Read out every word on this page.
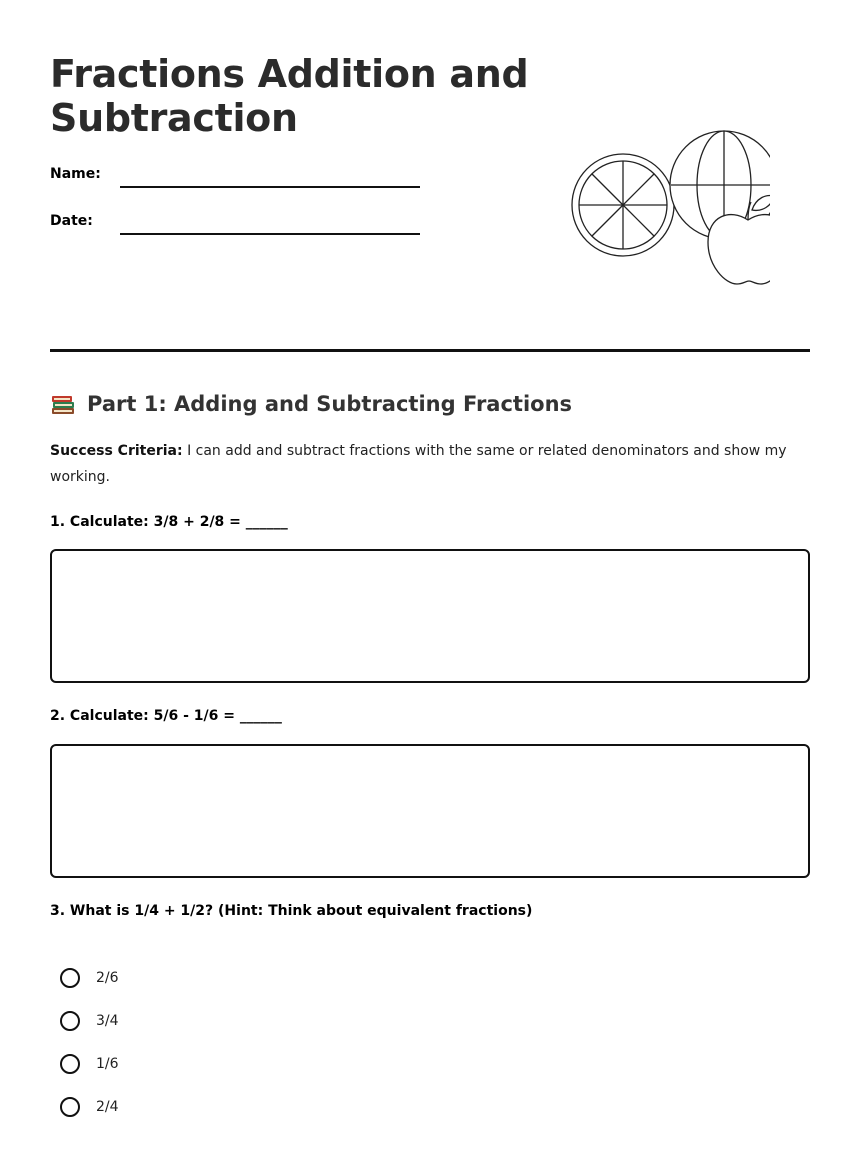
Fractions Addition and Subtraction
Name:
Date:
Part 1: Adding and Subtracting Fractions

Success Criteria: I can add and subtract fractions with the same or related denominators and show my working.

1. Calculate: 3/8 + 2/8 = ______

2. Calculate: 5/6 - 1/6 = ______

3. What is 1/4 + 1/2? (Hint: Think about equivalent fractions)

2/6
3/4
1/6
2/4
